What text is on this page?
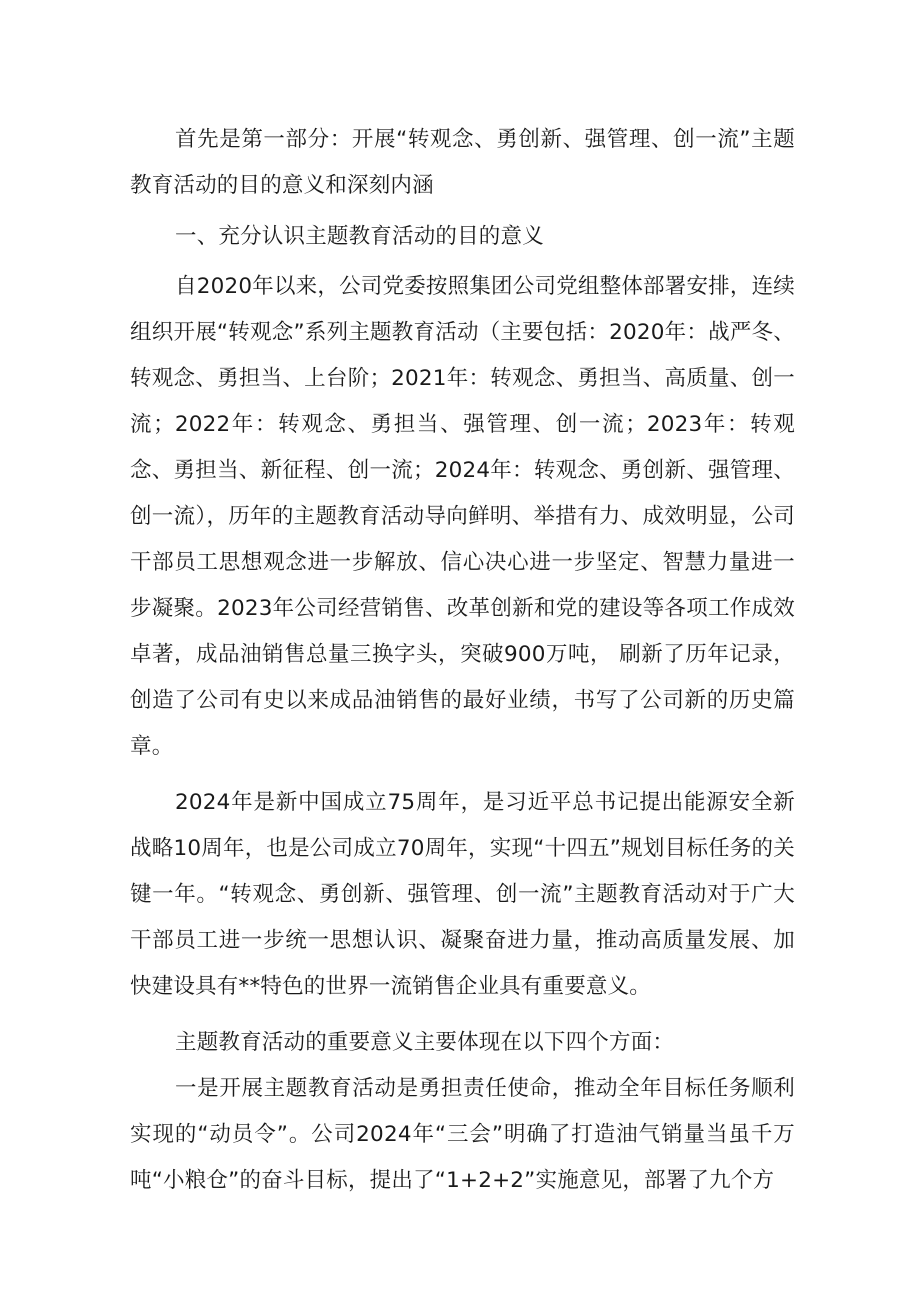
首先是第一部分：开展“转观念、勇创新、强管理、创一流”主题教育活动的目的意义和深刻内涵

一、充分认识主题教育活动的目的意义

自2020年以来，公司党委按照集团公司党组整体部署安排，连续组织开展“转观念”系列主题教育活动（主要包括：2020年：战严冬、转观念、勇担当、上台阶；2021年：转观念、勇担当、高质量、创一流；2022年：转观念、勇担当、强管理、创一流；2023年：转观念、勇担当、新征程、创一流；2024年：转观念、勇创新、强管理、创一流），历年的主题教育活动导向鲜明、举措有力、成效明显，公司干部员工思想观念进一步解放、信心决心进一步坚定、智慧力量进一步凝聚。2023年公司经营销售、改革创新和党的建设等各项工作成效卓著，成品油销售总量三换字头，突破900万吨， 刷新了历年记录，创造了公司有史以来成品油销售的最好业绩，书写了公司新的历史篇章。

2024年是新中国成立75周年，是习近平总书记提出能源安全新战略10周年，也是公司成立70周年，实现“十四五”规划目标任务的关键一年。“转观念、勇创新、强管理、创一流”主题教育活动对于广大干部员工进一步统一思想认识、凝聚奋进力量，推动高质量发展、加快建设具有**特色的世界一流销售企业具有重要意义。

主题教育活动的重要意义主要体现在以下四个方面：

一是开展主题教育活动是勇担责任使命，推动全年目标任务顺利实现的“动员令”。公司2024年“三会”明确了打造油气销量当虽千万吨“小粮仓”的奋斗目标，提出了“1+2+2”实施意见，部署了九个方
